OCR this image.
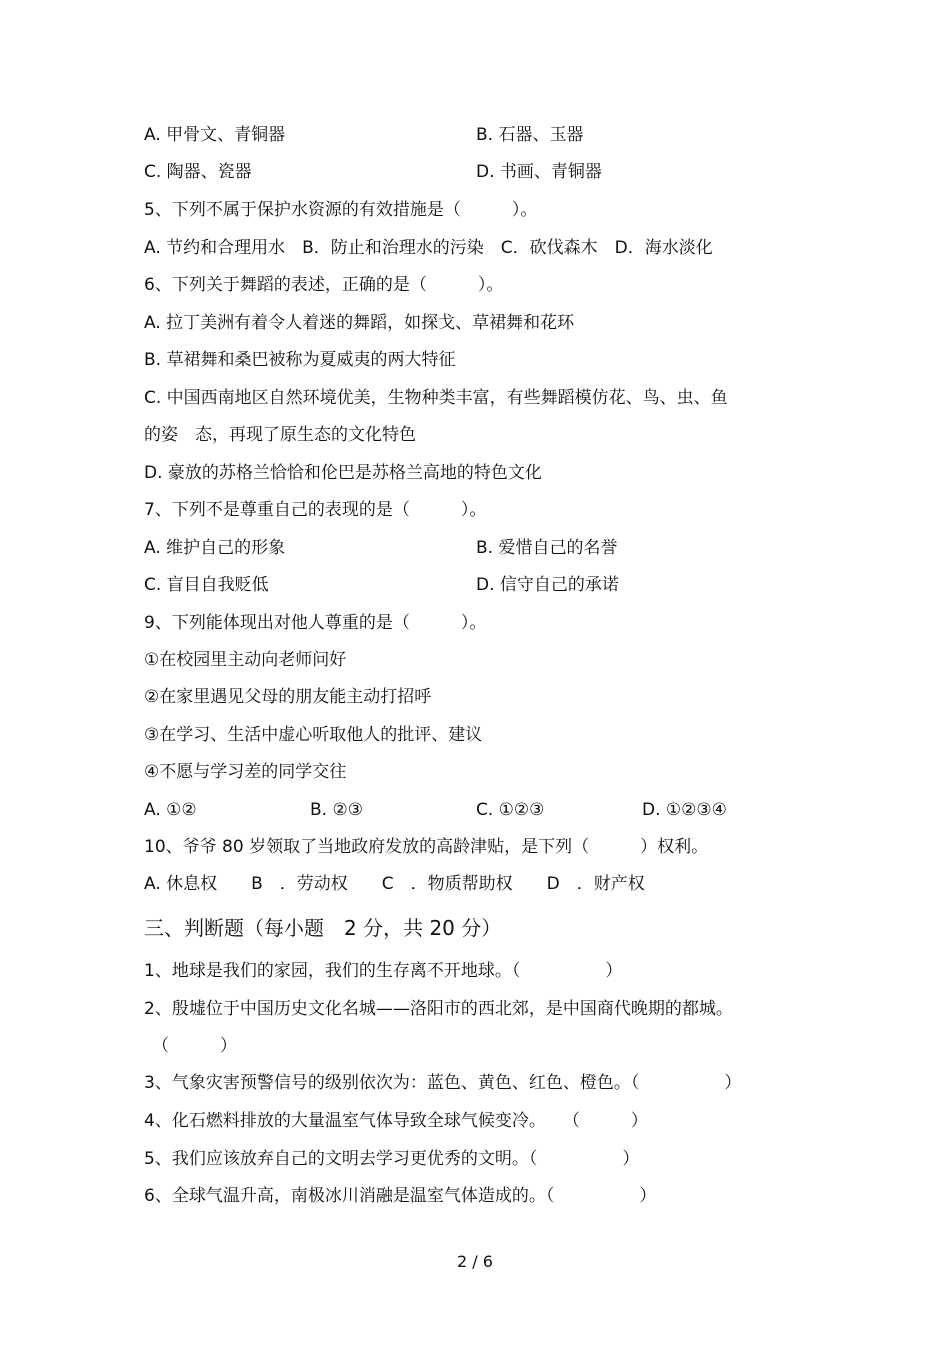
A. 甲骨文、青铜器	B. 石器、玉器
C. 陶器、瓷器	D. 书画、青铜器
5、下列不属于保护水资源的有效措施是（　　　）。
A. 节约和合理用水　B．防止和治理水的污染　C．砍伐森木　D．海水淡化
6、下列关于舞蹈的表述，正确的是（　　　）。
A. 拉丁美洲有着令人着迷的舞蹈，如探戈、草裙舞和花环
B. 草裙舞和桑巴被称为夏威夷的两大特征
C. 中国西南地区自然环境优美，生物种类丰富，有些舞蹈模仿花、鸟、虫、鱼
的姿　态，再现了原生态的文化特色
D. 豪放的苏格兰恰恰和伦巴是苏格兰高地的特色文化
7、下列不是尊重自己的表现的是（　　　）。
A. 维护自己的形象	B. 爱惜自己的名誉
C. 盲目自我贬低	D. 信守自己的承诺
9、下列能体现出对他人尊重的是（　　　）。
①在校园里主动向老师问好
②在家里遇见父母的朋友能主动打招呼
③在学习、生活中虚心听取他人的批评、建议
④不愿与学习差的同学交往
A. ①②	B. ②③	C. ①②③	D. ①②③④
10、爷爷 80 岁领取了当地政府发放的高龄津贴，是下列（　　　）权利。
A. 休息权　　B　．劳动权　　C　．物质帮助权　　D　．财产权
三、判断题（每小题　2 分，共 20 分）
1、地球是我们的家园，我们的生存离不开地球。（　　　　　）
2、殷墟位于中国历史文化名城——洛阳市的西北郊，是中国商代晚期的都城。
（　　　）
3、气象灾害预警信号的级别依次为：蓝色、黄色、红色、橙色。（　　　　　）
4、化石燃料排放的大量温室气体导致全球气候变冷。　　（　　　）
5、我们应该放弃自己的文明去学习更优秀的文明。（　　　　　）
6、全球气温升高，南极冰川消融是温室气体造成的。（　　　　　）
2 / 6
